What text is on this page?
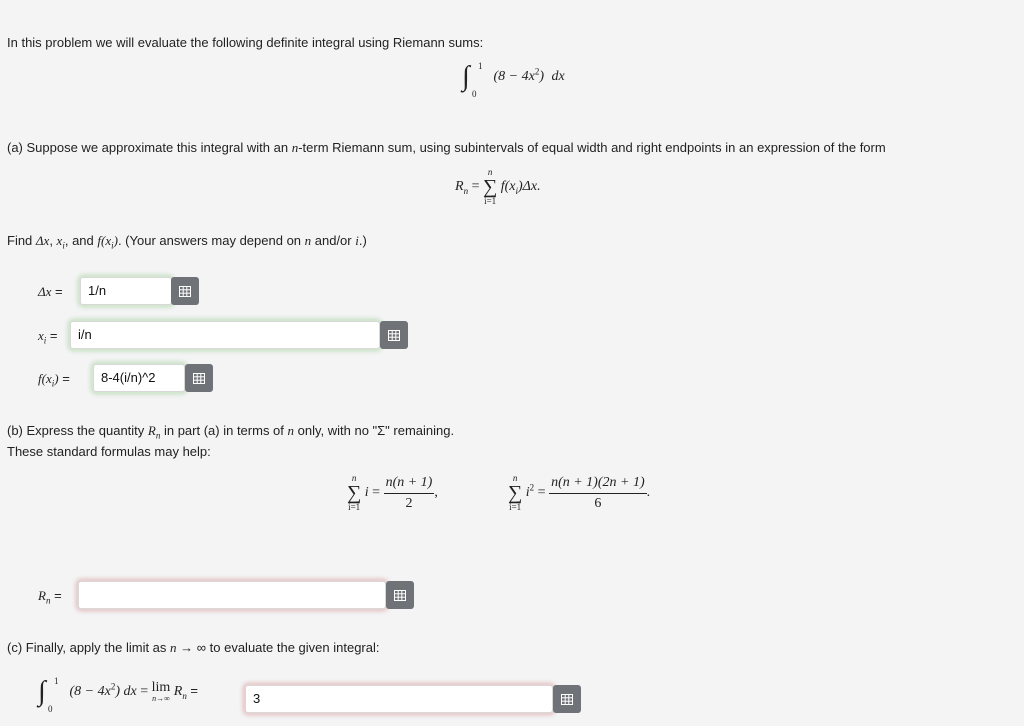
In this problem we will evaluate the following definite integral using Riemann sums:
∫ 1
0
$(8 - 4x^2)$ dx
(a) Suppose we approximate this integral with an n-term Riemann sum, using subintervals of equal width and right endpoints in an expression of the form
$R_n$ =
n
∑
i=1
$f(x_i)\Delta x$.
Find Δx, $x_i$, and $f(x_i)$. (Your answers may depend on n and/or i.)
Δx =	1/n
$x_i$ =	i/n
$f(x_i)$ =	8-4(i/n)^2
(b) Express the quantity $R_n$ in part (a) in terms of n only, with no "Σ" remaining.
These standard formulas may help:
n
∑
i=1
$i = \frac{n(n + 1)}{2}$ ,
n
∑
i=1
$i^2 = \frac{n(n + 1)(2n + 1)}{6}$ .
$R_n$ =
(c) Finally, apply the limit as n → ∞ to evaluate the given integral:
∫ 1
0
$(8 - 4x^2)$ dx = lim
n→∞ $R_n$ =
3
